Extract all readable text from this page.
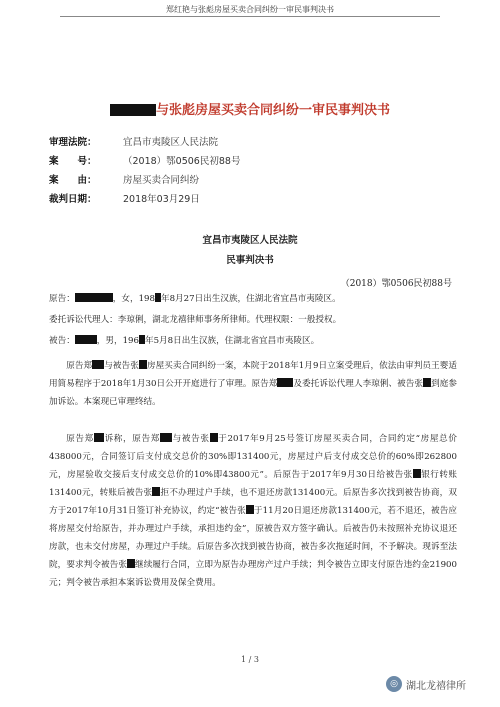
郑红艳与张彪房屋买卖合同纠纷一审民事判决书
与张彪房屋买卖合同纠纷一审民事判决书
审理法院：	宜昌市夷陵区人民法院
案　　号：	（2018）鄂0506民初88号
案　　由：	房屋买卖合同纠纷
裁判日期：	2018年03月29日
宜昌市夷陵区人民法院
民事判决书
（2018）鄂0506民初88号
原告：	，女，198 年8月27日出生汉族，住湖北省宜昌市夷陵区。
委托诉讼代理人：李琼俐，湖北龙禧律师事务所律师。代理权限：一般授权。
被告：	，男，196 年5月8日出生汉族，住湖北省宜昌市夷陵区。
原告郑 与被告张 房屋买卖合同纠纷一案，本院于2018年1月9日立案受理后，依法由审判员王婴适用简易程序于2018年1月30日公开开庭进行了审理。原告郑 及委托诉讼代理人李琼俐、被告张 到庭参加诉讼。本案现已审理终结。
原告郑 诉称，原告郑 与被告张 于2017年9月25号签订房屋买卖合同，合同约定“房屋总价438000元，合同签订后支付成交总价的30%即131400元，房屋过户后支付成交总价的60%即262800元，房屋验收交接后支付成交总价的10%即43800元”。后原告于2017年9月30日给被告张 银行转账131400元，转账后被告张 拒不办理过户手续，也不退还房款131400元。后原告多次找到被告协商，双方于2017年10月31日签订补充协议，约定“被告张 于11月20日退还房款131400元，若不退还，被告应将房屋交付给原告，并办理过户手续，承担违约金”，原被告双方签字确认。后被告仍未按照补充协议退还房款，也未交付房屋，办理过户手续。后原告多次找到被告协商，被告多次拖延时间，不予解决。现诉至法院，要求判令被告张 继续履行合同，立即为原告办理房产过户手续；判令被告立即支付原告违约金21900元；判令被告承担本案诉讼费用及保全费用。
1 / 3
◎ 湖北龙禧律所
